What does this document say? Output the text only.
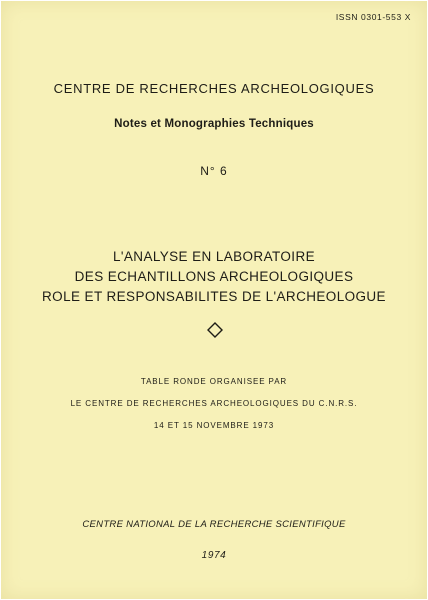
ISSN 0301-553 X

CENTRE DE RECHERCHES ARCHEOLOGIQUES

Notes et Monographies Techniques

N° 6

L'ANALYSE EN LABORATOIRE

DES ECHANTILLONS ARCHEOLOGIQUES

ROLE ET RESPONSABILITES DE L'ARCHEOLOGUE

TABLE RONDE ORGANISEE PAR

LE CENTRE DE RECHERCHES ARCHEOLOGIQUES DU C.N.R.S.

14 ET 15 NOVEMBRE 1973

CENTRE NATIONAL DE LA RECHERCHE SCIENTIFIQUE

1974
